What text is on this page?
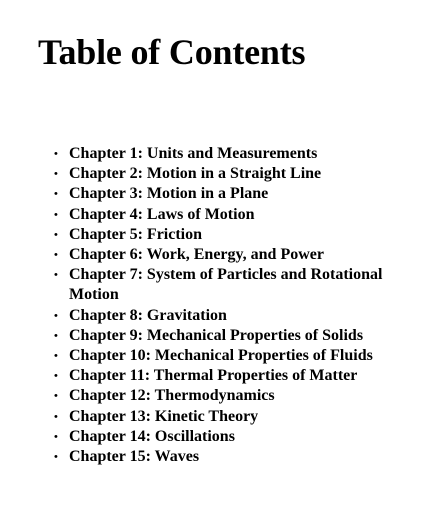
Table of Contents
• Chapter 1: Units and Measurements
• Chapter 2: Motion in a Straight Line
• Chapter 3: Motion in a Plane
• Chapter 4: Laws of Motion
• Chapter 5: Friction
• Chapter 6: Work, Energy, and Power
• Chapter 7: System of Particles and Rotational Motion
• Chapter 8: Gravitation
• Chapter 9: Mechanical Properties of Solids
• Chapter 10: Mechanical Properties of Fluids
• Chapter 11: Thermal Properties of Matter
• Chapter 12: Thermodynamics
• Chapter 13: Kinetic Theory
• Chapter 14: Oscillations
• Chapter 15: Waves
